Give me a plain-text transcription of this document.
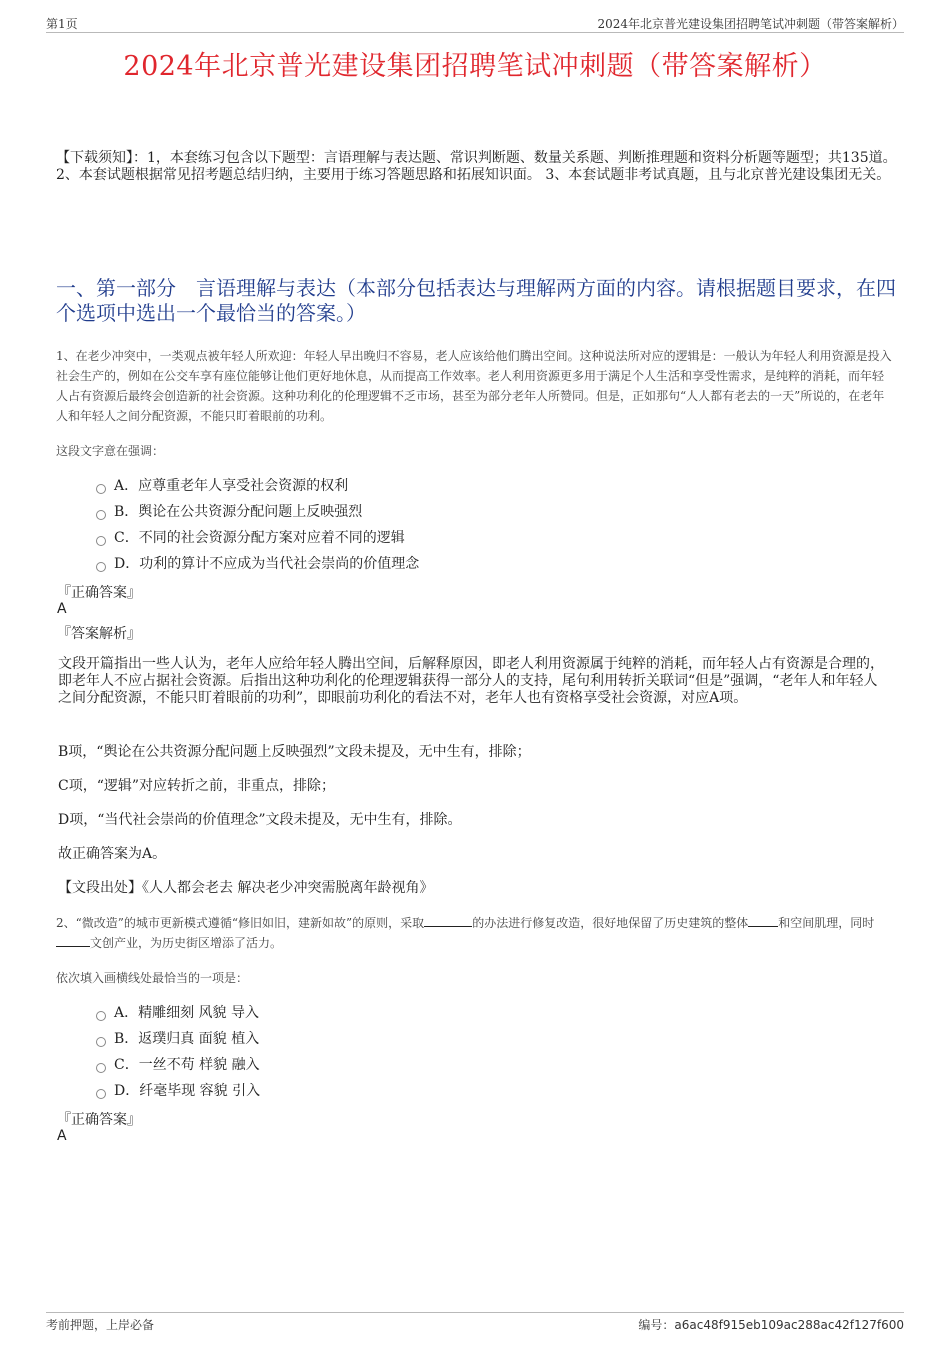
第1页	2024年北京普光建设集团招聘笔试冲刺题（带答案解析）
2024年北京普光建设集团招聘笔试冲刺题（带答案解析）
【下载须知】：1，本套练习包含以下题型：言语理解与表达题、常识判断题、数量关系题、判断推理题和资料分析题等题型；共135道。 2、本套试题根据常见招考题总结归纳，主要用于练习答题思路和拓展知识面。 3、本套试题非考试真题，且与北京普光建设集团无关。
一、第一部分　言语理解与表达（本部分包括表达与理解两方面的内容。请根据题目要求，在四个选项中选出一个最恰当的答案。）
1、在老少冲突中，一类观点被年轻人所欢迎：年轻人早出晚归不容易，老人应该给他们腾出空间。这种说法所对应的逻辑是：一般认为年轻人利用资源是投入社会生产的，例如在公交车享有座位能够让他们更好地休息，从而提高工作效率。老人利用资源更多用于满足个人生活和享受性需求，是纯粹的消耗，而年轻人占有资源后最终会创造新的社会资源。这种功利化的伦理逻辑不乏市场，甚至为部分老年人所赞同。但是，正如那句“人人都有老去的一天”所说的，在老年人和年轻人之间分配资源，不能只盯着眼前的功利。
这段文字意在强调：
A．应尊重老年人享受社会资源的权利
B．舆论在公共资源分配问题上反映强烈
C．不同的社会资源分配方案对应着不同的逻辑
D．功利的算计不应成为当代社会崇尚的价值理念
『正确答案』
A
『答案解析』
文段开篇指出一些人认为，老年人应给年轻人腾出空间，后解释原因，即老人利用资源属于纯粹的消耗，而年轻人占有资源是合理的，即老年人不应占据社会资源。后指出这种功利化的伦理逻辑获得一部分人的支持，尾句利用转折关联词“但是”强调，“老年人和年轻人之间分配资源，不能只盯着眼前的功利”，即眼前功利化的看法不对，老年人也有资格享受社会资源，对应A项。
B项，“舆论在公共资源分配问题上反映强烈”文段未提及，无中生有，排除；
C项，“逻辑”对应转折之前，非重点，排除；
D项，“当代社会崇尚的价值理念”文段未提及，无中生有，排除。
故正确答案为A。
【文段出处】《人人都会老去 解决老少冲突需脱离年龄视角》
2、“微改造”的城市更新模式遵循“修旧如旧，建新如故”的原则，采取	的办法进行修复改造，很好地保留了历史建筑的整体	和空间肌理，同时文创产业，为历史街区增添了活力。
依次填入画横线处最恰当的一项是：
A．精雕细刻 风貌 导入
B．返璞归真 面貌 植入
C．一丝不苟 样貌 融入
D．纤毫毕现 容貌 引入
『正确答案』
A
考前押题，上岸必备	编号：a6ac48f915eb109ac288ac42f127f600
